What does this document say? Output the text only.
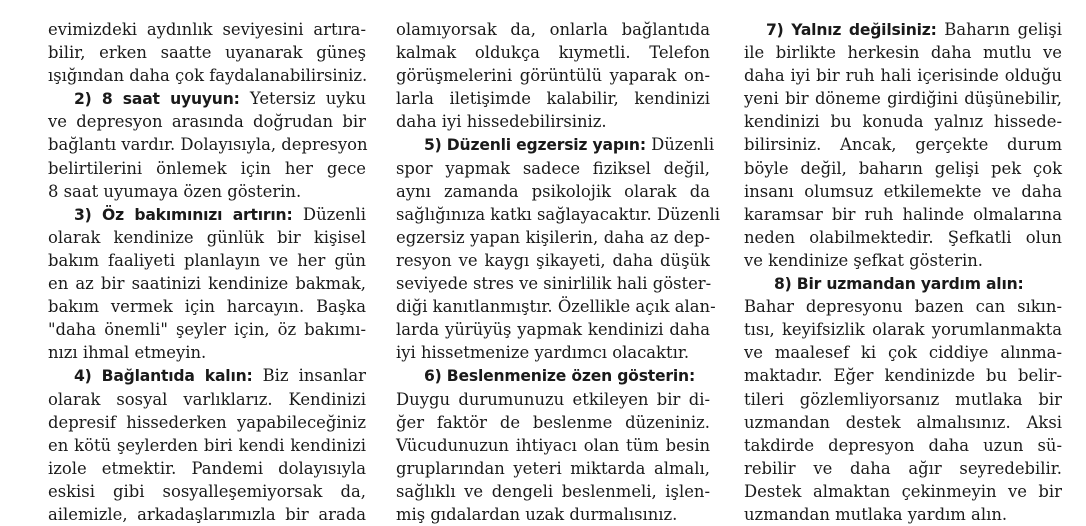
evimizdeki aydınlık seviyesini artıra-
bilir, erken saatte uyanarak güneş
ışığından daha çok faydalanabilirsiniz.
2) 8 saat uyuyun: Yetersiz uyku
ve depresyon arasında doğrudan bir
bağlantı vardır. Dolayısıyla, depresyon
belirtilerini önlemek için her gece
8 saat uyumaya özen gösterin.
3) Öz bakımınızı artırın: Düzenli
olarak kendinize günlük bir kişisel
bakım faaliyeti planlayın ve her gün
en az bir saatinizi kendinize bakmak,
bakım vermek için harcayın. Başka
"daha önemli" şeyler için, öz bakımı-
nızı ihmal etmeyin.
4) Bağlantıda kalın: Biz insanlar
olarak sosyal varlıklarız. Kendinizi
depresif hissederken yapabileceğiniz
en kötü şeylerden biri kendi kendinizi
izole etmektir. Pandemi dolayısıyla
eskisi gibi sosyalleşemiyorsak da,
ailemizle, arkadaşlarımızla bir arada
olamıyorsak da, onlarla bağlantıda
kalmak oldukça kıymetli. Telefon
görüşmelerini görüntülü yaparak on-
larla iletişimde kalabilir, kendinizi
daha iyi hissedebilirsiniz.
5) Düzenli egzersiz yapın: Düzenli
spor yapmak sadece fiziksel değil,
aynı zamanda psikolojik olarak da
sağlığınıza katkı sağlayacaktır. Düzenli
egzersiz yapan kişilerin, daha az dep-
resyon ve kaygı şikayeti, daha düşük
seviyede stres ve sinirlilik hali göster-
diği kanıtlanmıştır. Özellikle açık alan-
larda yürüyüş yapmak kendinizi daha
iyi hissetmenize yardımcı olacaktır.
6) Beslenmenize özen gösterin:
Duygu durumunuzu etkileyen bir di-
ğer faktör de beslenme düzeniniz.
Vücudunuzun ihtiyacı olan tüm besin
gruplarından yeteri miktarda almalı,
sağlıklı ve dengeli beslenmeli, işlen-
miş gıdalardan uzak durmalısınız.
7) Yalnız değilsiniz: Baharın gelişi
ile birlikte herkesin daha mutlu ve
daha iyi bir ruh hali içerisinde olduğu
yeni bir döneme girdiğini düşünebilir,
kendinizi bu konuda yalnız hissede-
bilirsiniz. Ancak, gerçekte durum
böyle değil, baharın gelişi pek çok
insanı olumsuz etkilemekte ve daha
karamsar bir ruh halinde olmalarına
neden olabilmektedir. Şefkatli olun
ve kendinize şefkat gösterin.
8) Bir uzmandan yardım alın:
Bahar depresyonu bazen can sıkın-
tısı, keyifsizlik olarak yorumlanmakta
ve maalesef ki çok ciddiye alınma-
maktadır. Eğer kendinizde bu belir-
tileri gözlemliyorsanız mutlaka bir
uzmandan destek almalısınız. Aksi
takdirde depresyon daha uzun sü-
rebilir ve daha ağır seyredebilir.
Destek almaktan çekinmeyin ve bir
uzmandan mutlaka yardım alın.
